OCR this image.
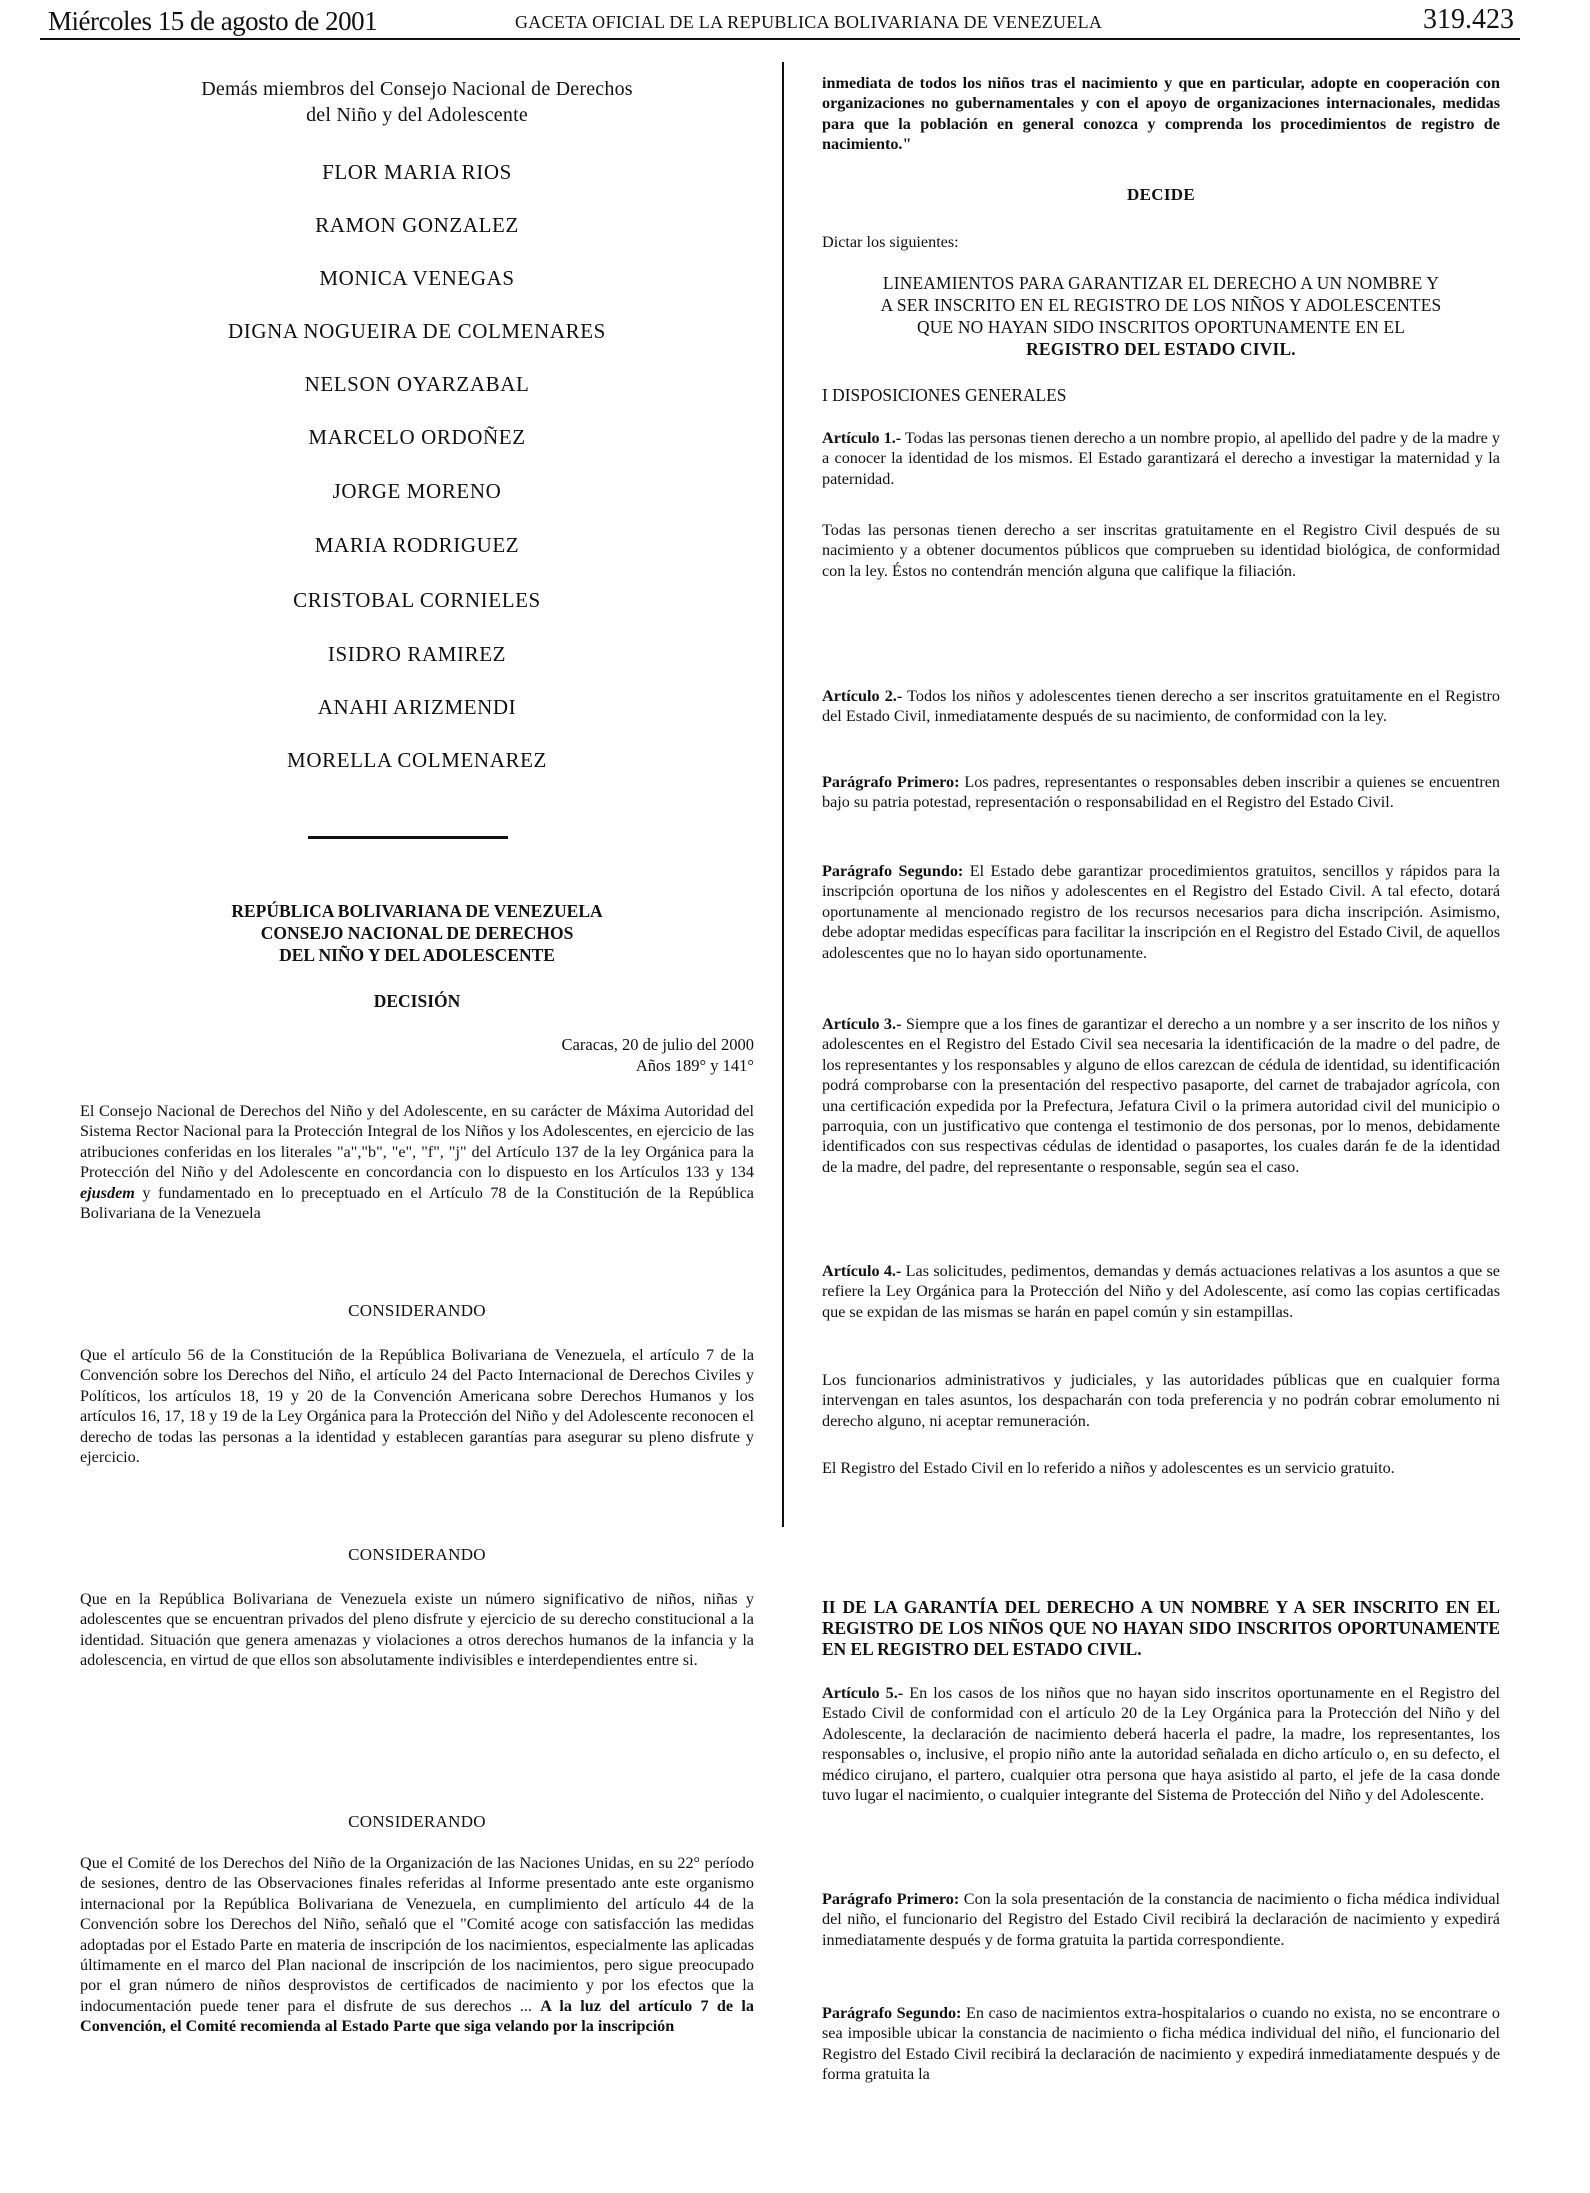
Miércoles 15 de agosto de 2001	GACETA OFICIAL DE LA REPUBLICA BOLIVARIANA DE VENEZUELA	319.423
Demás miembros del Consejo Nacional de Derechos
del Niño y del Adolescente
FLOR MARIA RIOS
RAMON GONZALEZ
MONICA VENEGAS
DIGNA NOGUEIRA DE COLMENARES
NELSON OYARZABAL
MARCELO ORDOÑEZ
JORGE MORENO
MARIA RODRIGUEZ
CRISTOBAL CORNIELES
ISIDRO RAMIREZ
ANAHI ARIZMENDI
MORELLA COLMENAREZ
REPÚBLICA BOLIVARIANA DE VENEZUELA
CONSEJO NACIONAL DE DERECHOS
DEL NIÑO Y DEL ADOLESCENTE
DECISIÓN
Caracas, 20 de julio del 2000
Años 189° y 141°
El Consejo Nacional de Derechos del Niño y del Adolescente, en su carácter de Máxima Autoridad del Sistema Rector Nacional para la Protección Integral de los Niños y los Adolescentes, en ejercicio de las atribuciones conferidas en los literales "a","b", "e", "f", "j" del Artículo 137 de la ley Orgánica para la Protección del Niño y del Adolescente en concordancia con lo dispuesto en los Artículos 133 y 134 ejusdem y fundamentado en lo preceptuado en el Artículo 78 de la Constitución de la República Bolivariana de la Venezuela
CONSIDERANDO
Que el artículo 56 de la Constitución de la República Bolivariana de Venezuela, el artículo 7 de la Convención sobre los Derechos del Niño, el artículo 24 del Pacto Internacional de Derechos Civiles y Políticos, los artículos 18, 19 y 20 de la Convención Americana sobre Derechos Humanos y los artículos 16, 17, 18 y 19 de la Ley Orgánica para la Protección del Niño y del Adolescente reconocen el derecho de todas las personas a la identidad y establecen garantías para asegurar su pleno disfrute y ejercicio.
CONSIDERANDO
Que en la República Bolivariana de Venezuela existe un número significativo de niños, niñas y adolescentes que se encuentran privados del pleno disfrute y ejercicio de su derecho constitucional a la identidad. Situación que genera amenazas y violaciones a otros derechos humanos de la infancia y la adolescencia, en virtud de que ellos son absolutamente indivisibles e interdependientes entre si.
CONSIDERANDO
Que el Comité de los Derechos del Niño de la Organización de las Naciones Unidas, en su 22° período de sesiones, dentro de las Observaciones finales referidas al Informe presentado ante este organismo internacional por la República Bolivariana de Venezuela, en cumplimiento del artículo 44 de la Convención sobre los Derechos del Niño, señaló que el "Comité acoge con satisfacción las medidas adoptadas por el Estado Parte en materia de inscripción de los nacimientos, especialmente las aplicadas últimamente en el marco del Plan nacional de inscripción de los nacimientos, pero sigue preocupado por el gran número de niños desprovistos de certificados de nacimiento y por los efectos que la indocumentación puede tener para el disfrute de sus derechos ... A la luz del artículo 7 de la Convención, el Comité recomienda al Estado Parte que siga velando por la inscripción
inmediata de todos los niños tras el nacimiento y que en particular, adopte en cooperación con organizaciones no gubernamentales y con el apoyo de organizaciones internacionales, medidas para que la población en general conozca y comprenda los procedimientos de registro de nacimiento."
DECIDE
Dictar los siguientes:
LINEAMIENTOS PARA GARANTIZAR EL DERECHO A UN NOMBRE Y
A SER INSCRITO EN EL REGISTRO DE LOS NIÑOS Y ADOLESCENTES
QUE NO HAYAN SIDO INSCRITOS OPORTUNAMENTE EN EL
REGISTRO DEL ESTADO CIVIL.
I DISPOSICIONES GENERALES
Artículo 1.- Todas las personas tienen derecho a un nombre propio, al apellido del padre y de la madre y a conocer la identidad de los mismos. El Estado garantizará el derecho a investigar la maternidad y la paternidad.
Todas las personas tienen derecho a ser inscritas gratuitamente en el Registro Civil después de su nacimiento y a obtener documentos públicos que comprueben su identidad biológica, de conformidad con la ley. Éstos no contendrán mención alguna que califique la filiación.
Artículo 2.- Todos los niños y adolescentes tienen derecho a ser inscritos gratuitamente en el Registro del Estado Civil, inmediatamente después de su nacimiento, de conformidad con la ley.
Parágrafo Primero: Los padres, representantes o responsables deben inscribir a quienes se encuentren bajo su patria potestad, representación o responsabilidad en el Registro del Estado Civil.
Parágrafo Segundo: El Estado debe garantizar procedimientos gratuitos, sencillos y rápidos para la inscripción oportuna de los niños y adolescentes en el Registro del Estado Civil. A tal efecto, dotará oportunamente al mencionado registro de los recursos necesarios para dicha inscripción. Asimismo, debe adoptar medidas específicas para facilitar la inscripción en el Registro del Estado Civil, de aquellos adolescentes que no lo hayan sido oportunamente.
Artículo 3.- Siempre que a los fines de garantizar el derecho a un nombre y a ser inscrito de los niños y adolescentes en el Registro del Estado Civil sea necesaria la identificación de la madre o del padre, de los representantes y los responsables y alguno de ellos carezcan de cédula de identidad, su identificación podrá comprobarse con la presentación del respectivo pasaporte, del carnet de trabajador agrícola, con una certificación expedida por la Prefectura, Jefatura Civil o la primera autoridad civil del municipio o parroquia, con un justificativo que contenga el testimonio de dos personas, por lo menos, debidamente identificados con sus respectivas cédulas de identidad o pasaportes, los cuales darán fe de la identidad de la madre, del padre, del representante o responsable, según sea el caso.
Artículo 4.- Las solicitudes, pedimentos, demandas y demás actuaciones relativas a los asuntos a que se refiere la Ley Orgánica para la Protección del Niño y del Adolescente, así como las copias certificadas que se expidan de las mismas se harán en papel común y sin estampillas.
Los funcionarios administrativos y judiciales, y las autoridades públicas que en cualquier forma intervengan en tales asuntos, los despacharán con toda preferencia y no podrán cobrar emolumento ni derecho alguno, ni aceptar remuneración.
El Registro del Estado Civil en lo referido a niños y adolescentes es un servicio gratuito.
II DE LA GARANTÍA DEL DERECHO A UN NOMBRE Y A SER INSCRITO EN EL REGISTRO DE LOS NIÑOS QUE NO HAYAN SIDO INSCRITOS OPORTUNAMENTE EN EL REGISTRO DEL ESTADO CIVIL.
Artículo 5.- En los casos de los niños que no hayan sido inscritos oportunamente en el Registro del Estado Civil de conformidad con el artículo 20 de la Ley Orgánica para la Protección del Niño y del Adolescente, la declaración de nacimiento deberá hacerla el padre, la madre, los representantes, los responsables o, inclusive, el propio niño ante la autoridad señalada en dicho artículo o, en su defecto, el médico cirujano, el partero, cualquier otra persona que haya asistido al parto, el jefe de la casa donde tuvo lugar el nacimiento, o cualquier integrante del Sistema de Protección del Niño y del Adolescente.
Parágrafo Primero: Con la sola presentación de la constancia de nacimiento o ficha médica individual del niño, el funcionario del Registro del Estado Civil recibirá la declaración de nacimiento y expedirá inmediatamente después y de forma gratuita la partida correspondiente.
Parágrafo Segundo: En caso de nacimientos extra-hospitalarios o cuando no exista, no se encontrare o sea imposible ubicar la constancia de nacimiento o ficha médica individual del niño, el funcionario del Registro del Estado Civil recibirá la declaración de nacimiento y expedirá inmediatamente después y de forma gratuita la
